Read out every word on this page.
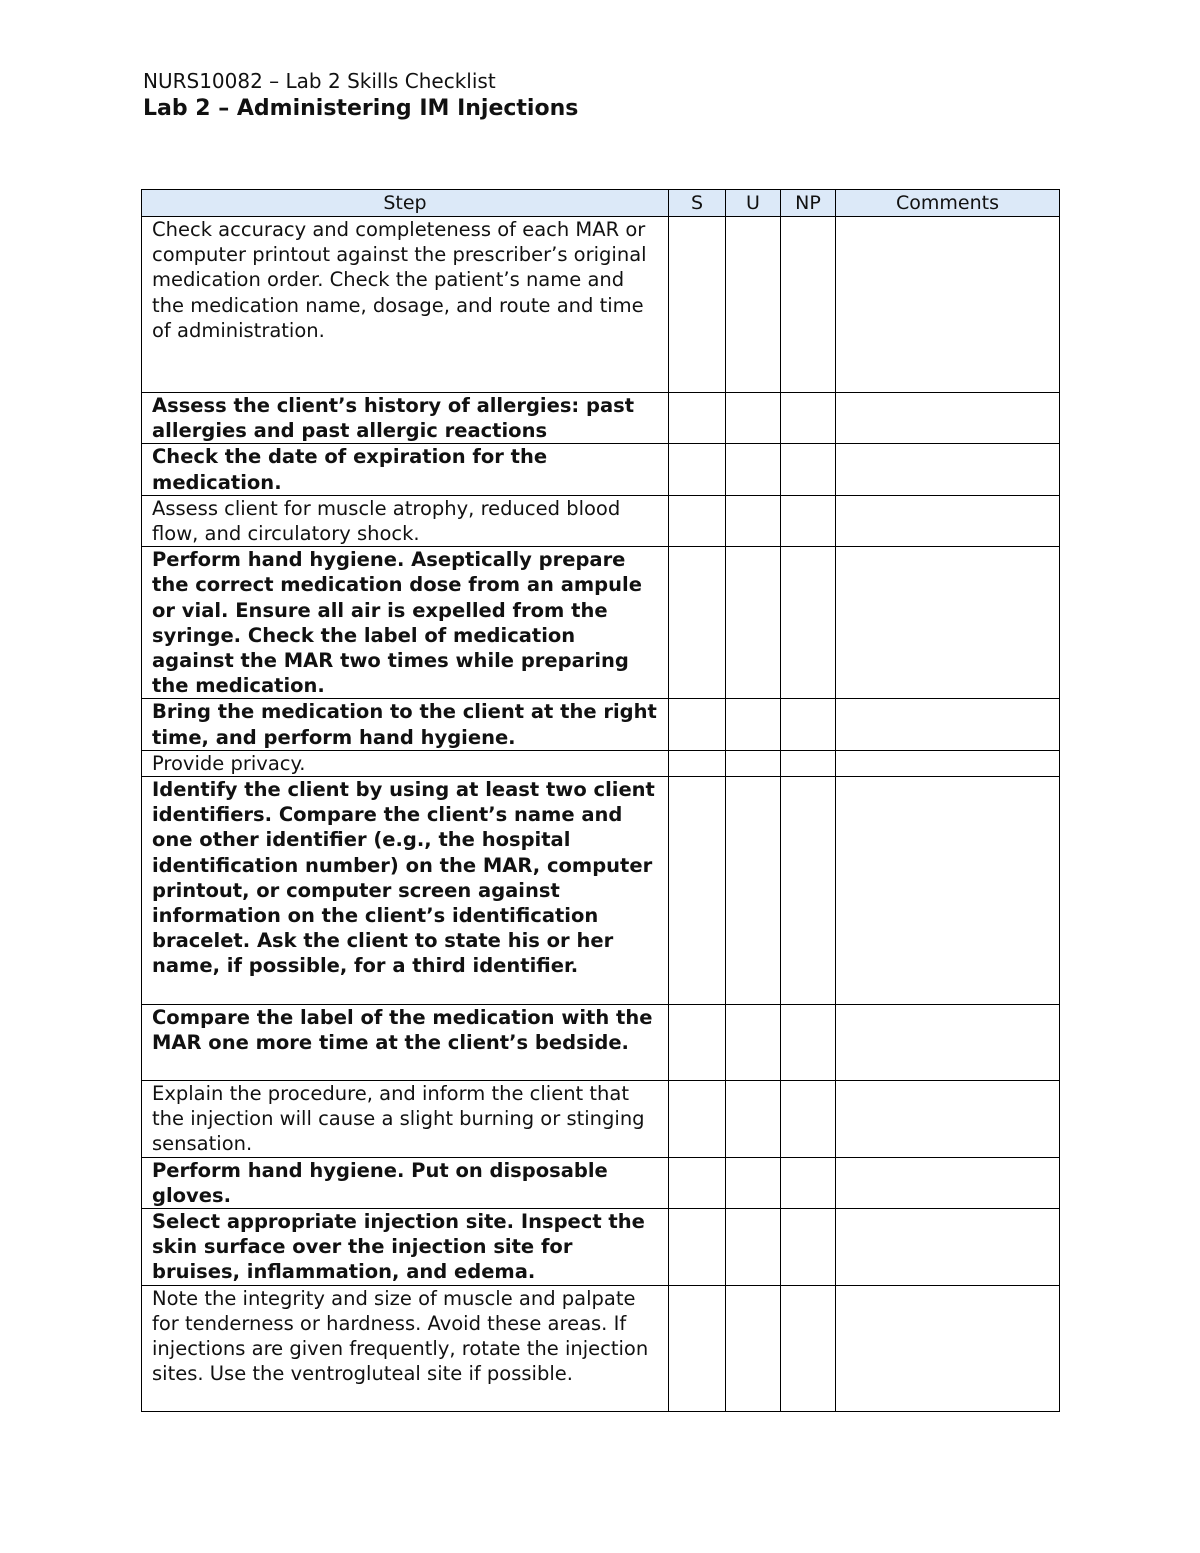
NURS10082 – Lab 2 Skills Checklist
Lab 2 – Administering IM Injections
Step	S	U	NP	Comments
Check accuracy and completeness of each MAR or computer printout against the prescriber’s original medication order. Check the patient’s name and the medication name, dosage, and route and time of administration.				
Assess the client’s history of allergies: past allergies and past allergic reactions				
Check the date of expiration for the medication.				
Assess client for muscle atrophy, reduced blood flow, and circulatory shock.				
Perform hand hygiene. Aseptically prepare the correct medication dose from an ampule or vial. Ensure all air is expelled from the syringe. Check the label of medication against the MAR two times while preparing the medication.				
Bring the medication to the client at the right time, and perform hand hygiene.				
Provide privacy.				
Identify the client by using at least two client identifiers. Compare the client’s name and one other identifier (e.g., the hospital identification number) on the MAR, computer printout, or computer screen against information on the client’s identification bracelet. Ask the client to state his or her name, if possible, for a third identifier.				
Compare the label of the medication with the MAR one more time at the client’s bedside.				
Explain the procedure, and inform the client that the injection will cause a slight burning or stinging sensation.				
Perform hand hygiene. Put on disposable gloves.				
Select appropriate injection site. Inspect the skin surface over the injection site for bruises, inflammation, and edema.				
Note the integrity and size of muscle and palpate for tenderness or hardness. Avoid these areas. If injections are given frequently, rotate the injection sites. Use the ventrogluteal site if possible.				
